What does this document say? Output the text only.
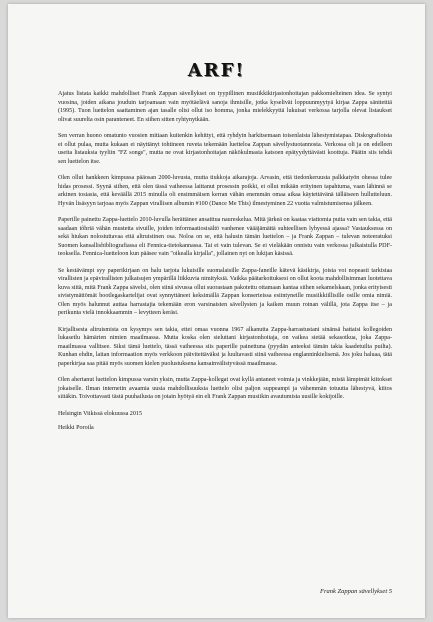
ARF!

Ajatus listata kaikki mahdolliset Frank Zappan sävellykset on tyypillinen musiikkikirjastonhoitajan pakkomielteinen idea. Se syntyi vuosina, joiden aikana jouduin tarjoamaan vain myötäelävä sanoja ihmisille, jotka kyselivät loppuunmyytyä kirjaa Zappa sänitettiä (1995). Tuon luettelon saattaminen ajan tasalle olisi ollut iso homma, jonka mielekkyyttä lukuisat verkossa tarjolla olevat listaukset olivat suurelta osin paranteneet. En siihen sitten ryhtynytkään.

Sen verran huono omatunto vuosien mittaan kuitenkin kehittyi, että ryhdyin harkitsemaan toisenlaista lähestymistapaa. Diskografioista ei ollut pulaa, mutta kukaan ei näyttänyt tohtineen ruveta tekemään luetteloa Zappan sävellystuotannosta. Verkossa oli ja on edelleen useita listauksia tyyliin "FZ songs", mutta ne ovat kirjastonhoitajan näkökulmasta katsoen epätyydyttävästi koottuja. Päätin siis tehdä sen luettelon itse.

Olen ollut hankkeen kimpussa pääosan 2000-luvusta, mutta tiukkoja aikarajoja. Arvasin, että tiedonkeruusta palkkatyön ohessa tulee hidas prosessi. Syynä siihen, että olen tässä vaiheessa laittanut prosessin poikki, ei ollut mikään erityinen tapahtuma, vaan lähinnä se arkinen tosiasia, että keväällä 2015 minulla oli ensimmäisen kerran vähän enemmän omaa aikaa käytettävänä tälläiseen hullutteluun. Hyvän lisäsyyn tarjoaa myös Zappan virallisen albumin #100 (Dance Me This) ilmestyminen 22 vuotta valmistumisensa jälkeen.

Paperille painettu Zappa-luettelo 2010-luvulla herättänee ansaittua naureskelua. Mitä järkeä on kaataa viattomia puita vain sen takia, että saadaan tõhriä vähän mustetta sivuille, joiden informaatiosisältö vanhenee väääjämättä suhteellisen lyhyessä ajassa? Vastauksessa on sekä hiukan nolostuttavaa että altruistinen osa. Noloa on se, että halusin tämän luettelon – ja Frank Zappan – tulevan noteeratuksi Suomen kansallisbibliografiassa eli Fennica-tietokannassa. Tai ei vain tulevan. Se ei vieläkään onnistu vain verkossa julkaistulla PDF-teoksella. Fennica-luetteloon kun pääsee vain "oikealla kirjalla", jollainen nyt on lukijan käsissä.

Se kestävämpi syy paperikirjaan on halu tarjota lukuisille suomalaisille Zappa-faneille kätevä käsikirja, joista voi nopeasti tarkistaa virallisten ja epävirallisten julkaisujen ympärillä liikkuvia nimityksiä. Vaikka päätarkoituksesi on ollut koota mahdollisimman luotettava kuva siitä, mitä Frank Zappa sävelsi, olen siinä sivussa ollut suorastaan pakotettu ottamaan kantaa siihen sekamelskaan, jonka erityisesti sivistymättömät bootlegaskartelijat ovat synnyttäneet keksimällä Zappan konserteissa esiintyneille musiikkiillisille osille omia nimiä. Olen myös halunnut auttaa harrastajia tekemään eron varsinaisten sävellysten ja kaiken muun roinan välillä, jota Zappa itse – ja perikunta vielä innokkaammin – levytteen keräsi.

Kirjallisesta altruismista on kysymys sen takia, ettei omaa vuonna 1967 alkanutta Zappa-harrastustani sinänsä hattaisi kollegoiden lukasetlu hämärien nimien maailmassa. Mutta koska olen sieluttani kirjastonhoitaja, on vaikea sietää sekasotkua, joka Zappa-maailmassa vallitsee. Siksi tämä luettelo, tässä vaiheessa siis paperille painettuna (pyydän anteeksi tämän takia kaadetuilta puilta). Kunhan ehdin, laitan informaation myös verkkoon päivitettäväksi ja luultavasti siinä vaiheessa englanninkielisenä. Jos joku haluaa, tätä paperkirjaa saa pitää myös suomen kielen puolustuksena kansainvälistyvässä maailmassa.

Olen ahertanut luettelon kimpussa varsin yksin, mutta Zappa-kollegat ovat kyllä antaneet voimia ja vinkkejään, mistä lämpimät kiitokset jokaiselle. Ilman internetin avaamia uusia mahdollisuuksia luettelo olisi paljon suppeampi ja vähemmän totuutta lähestyvä, kiitos siitäkin. Toivottavasti tästä puuhailusta on jotain hyötyä ein eli Frank Zappan musiikin avautumista uusille kokijoille.

Helsingin Viikissä elokuussa 2015

Heikki Poroila

Frank Zappan sävellykset 5
